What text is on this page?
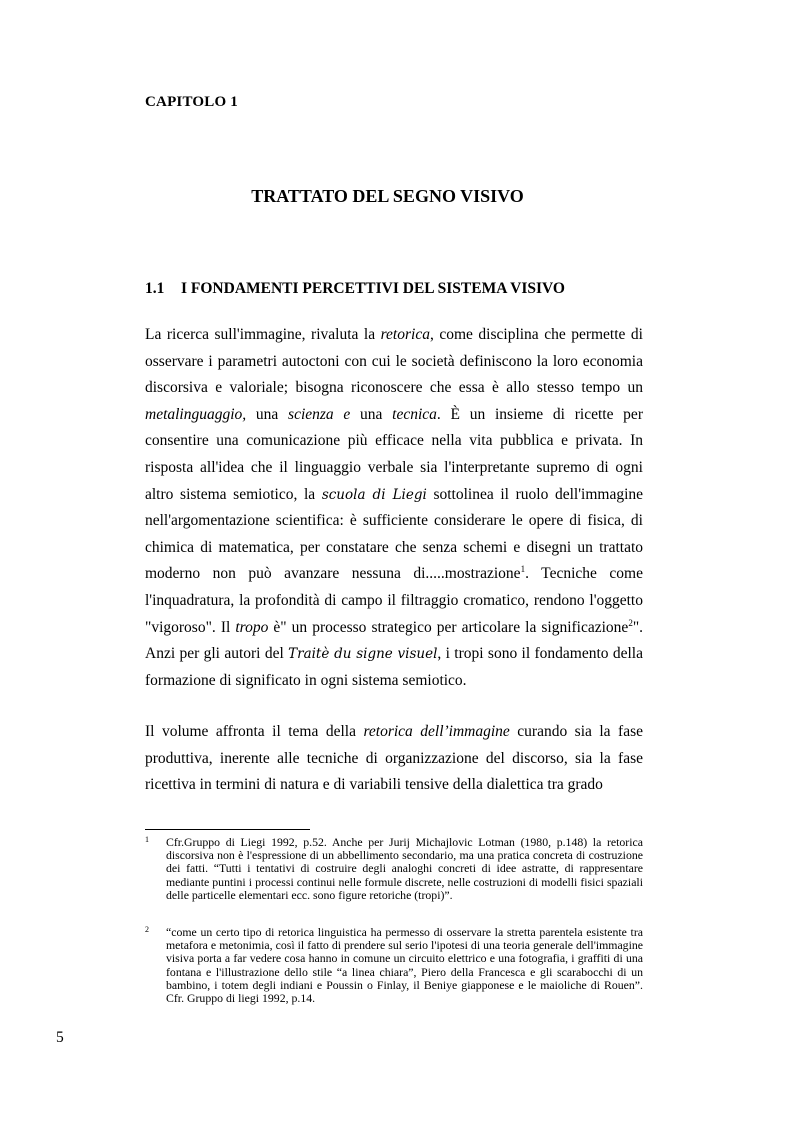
CAPITOLO 1
TRATTATO DEL SEGNO VISIVO
1.1 I FONDAMENTI PERCETTIVI DEL SISTEMA VISIVO

La ricerca sull'immagine, rivaluta la retorica, come disciplina che permette di osservare i parametri autoctoni con cui le società definiscono la loro economia discorsiva e valoriale; bisogna riconoscere che essa è allo stesso tempo un metalinguaggio, una scienza e una tecnica. È un insieme di ricette per consentire una comunicazione più efficace nella vita pubblica e privata. In risposta all'idea che il linguaggio verbale sia l'interpretante supremo di ogni altro sistema semiotico, la scuola di Liegi sottolinea il ruolo dell'immagine nell'argomentazione scientifica: è sufficiente considerare le opere di fisica, di chimica di matematica, per constatare che senza schemi e disegni un trattato moderno non può avanzare nessuna di.....mostrazione$^1$. Tecniche come l'inquadratura, la profondità di campo il filtraggio cromatico, rendono l'oggetto "vigoroso". Il tropo è" un processo strategico per articolare la significazione$^2$". Anzi per gli autori del Traitè du signe visuel, i tropi sono il fondamento della formazione di significato in ogni sistema semiotico.

Il volume affronta il tema della retorica dell’immagine curando sia la fase produttiva, inerente alle tecniche di organizzazione del discorso, sia la fase ricettiva in termini di natura e di variabili tensive della dialettica tra grado

1 Cfr.Gruppo di Liegi 1992, p.52. Anche per Jurij Michajlovic Lotman (1980, p.148) la retorica discorsiva non è l'espressione di un abbellimento secondario, ma una pratica concreta di costruzione dei fatti. “Tutti i tentativi di costruire degli analoghi concreti di idee astratte, di rappresentare mediante puntini i processi continui nelle formule discrete, nelle costruzioni di modelli fisici spaziali delle particelle elementari ecc. sono figure retoriche (tropi)”.
2 “come un certo tipo di retorica linguistica ha permesso di osservare la stretta parentela esistente tra metafora e metonimia, così il fatto di prendere sul serio l'ipotesi di una teoria generale dell'immagine visiva porta a far vedere cosa hanno in comune un circuito elettrico e una fotografia, i graffiti di una fontana e l'illustrazione dello stile “a linea chiara”, Piero della Francesca e gli scarabocchi di un bambino, i totem degli indiani e Poussin o Finlay, il Beniye giapponese e le maioliche di Rouen”. Cfr. Gruppo di liegi 1992, p.14.
5
